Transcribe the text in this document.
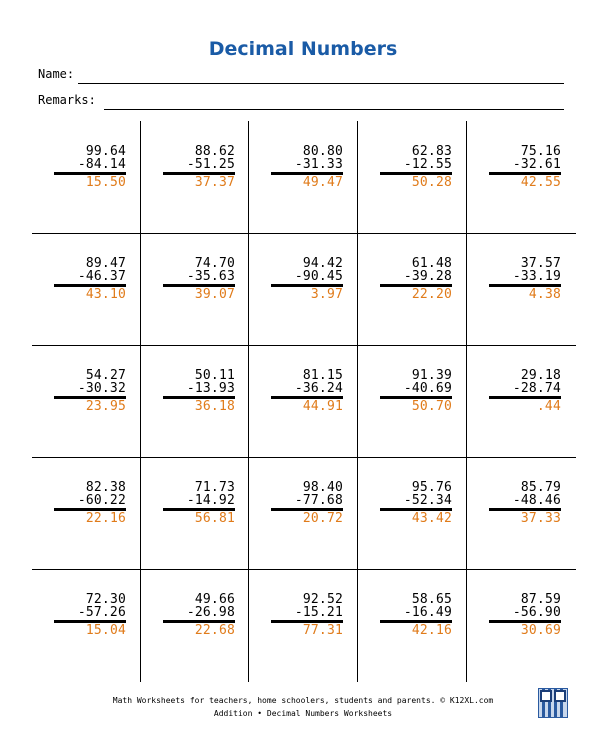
Decimal Numbers
Name:
Remarks:
99.64
-84.14
15.50
88.62
-51.25
37.37
80.80
-31.33
49.47
62.83
-12.55
50.28
75.16
-32.61
42.55
89.47
-46.37
43.10
74.70
-35.63
39.07
94.42
-90.45
3.97
61.48
-39.28
22.20
37.57
-33.19
4.38
54.27
-30.32
23.95
50.11
-13.93
36.18
81.15
-36.24
44.91
91.39
-40.69
50.70
29.18
-28.74
.44
82.38
-60.22
22.16
71.73
-14.92
56.81
98.40
-77.68
20.72
95.76
-52.34
43.42
85.79
-48.46
37.33
72.30
-57.26
15.04
49.66
-26.98
22.68
92.52
-15.21
77.31
58.65
-16.49
42.16
87.59
-56.90
30.69
Math Worksheets for teachers, home schoolers, students and parents. © K12XL.com
Addition • Decimal Numbers Worksheets
